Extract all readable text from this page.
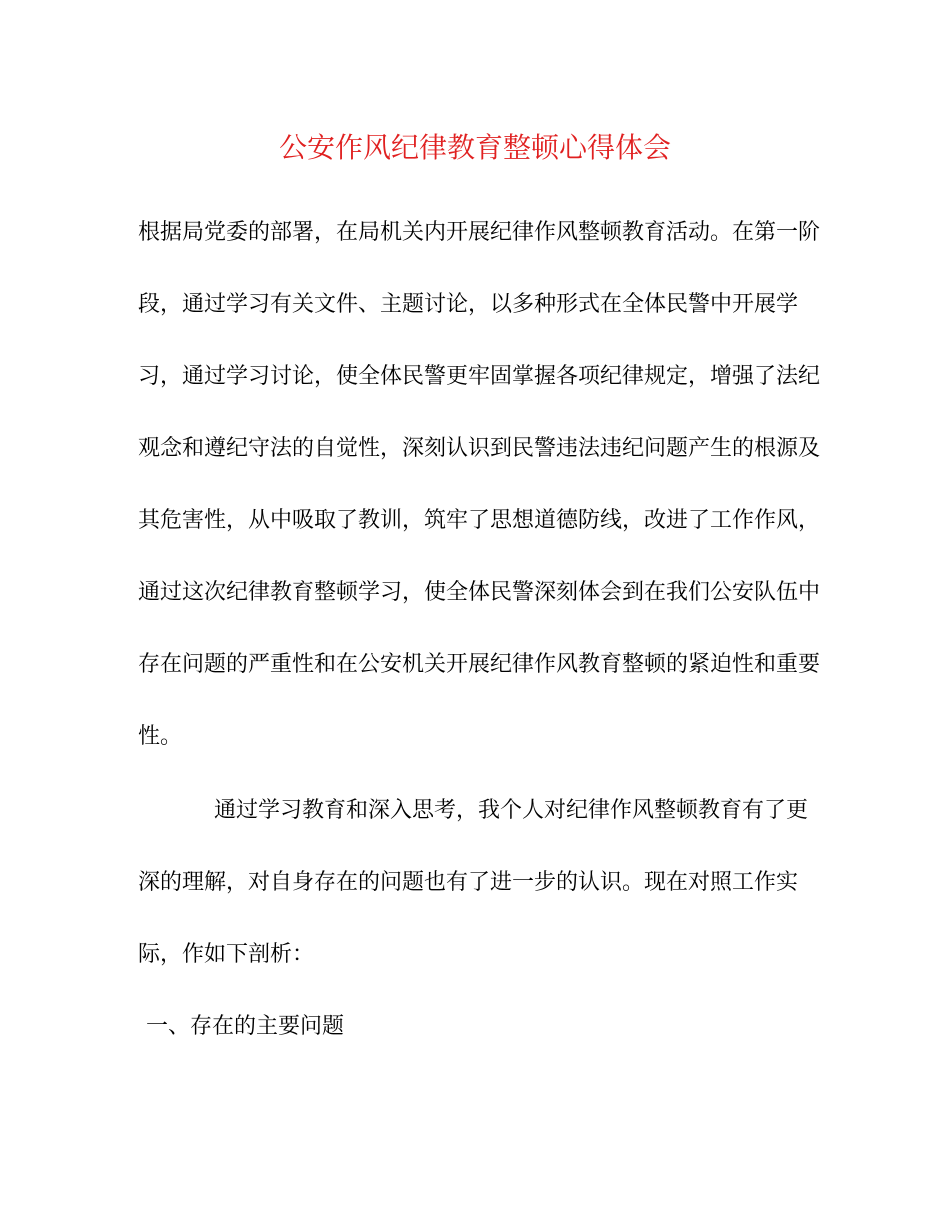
公安作风纪律教育整顿心得体会
根据局党委的部署，在局机关内开展纪律作风整顿教育活动。在第一阶
段，通过学习有关文件、主题讨论，以多种形式在全体民警中开展学
习，通过学习讨论，使全体民警更牢固掌握各项纪律规定，增强了法纪
观念和遵纪守法的自觉性，深刻认识到民警违法违纪问题产生的根源及
其危害性，从中吸取了教训，筑牢了思想道德防线，改进了工作作风，
通过这次纪律教育整顿学习，使全体民警深刻体会到在我们公安队伍中
存在问题的严重性和在公安机关开展纪律作风教育整顿的紧迫性和重要
性。
通过学习教育和深入思考，我个人对纪律作风整顿教育有了更
深的理解，对自身存在的问题也有了进一步的认识。现在对照工作实
际，作如下剖析：
一、存在的主要问题
